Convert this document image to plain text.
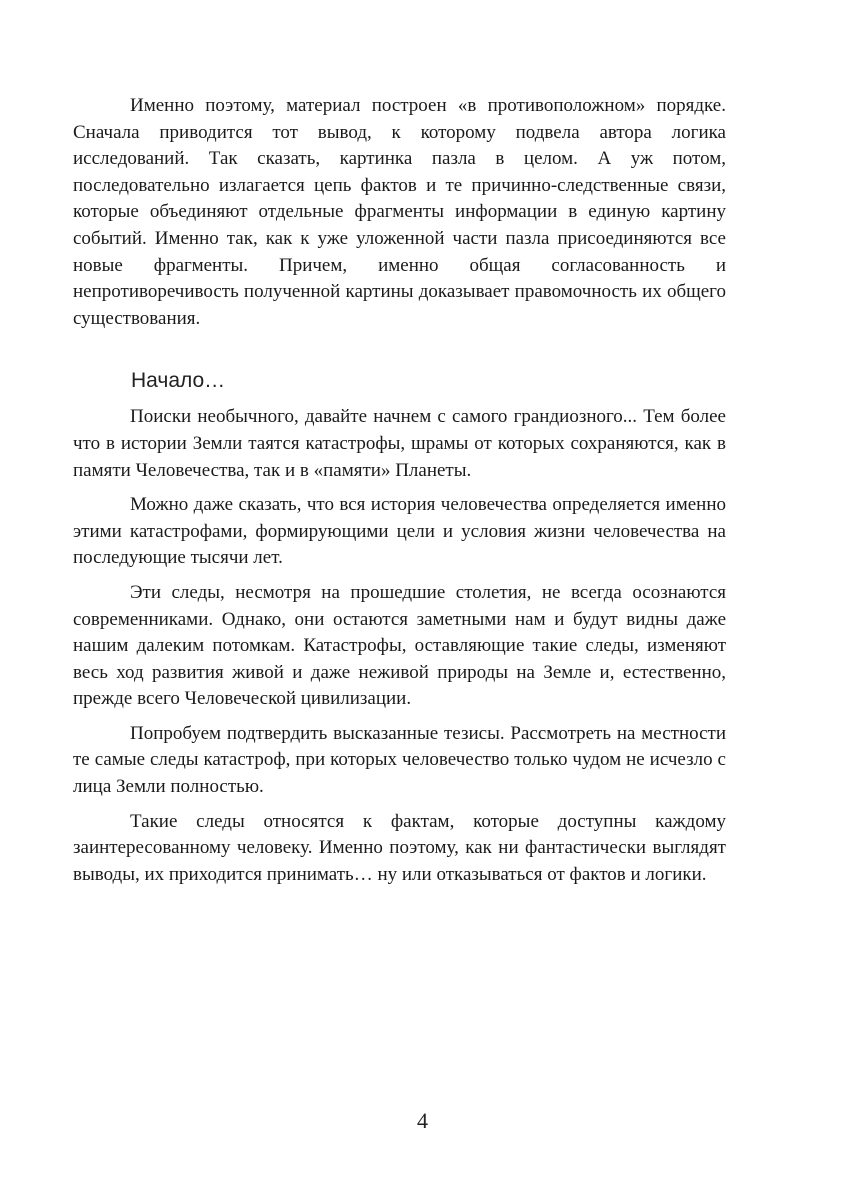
Именно поэтому, материал построен «в противоположном» порядке. Сначала приводится тот вывод, к которому подвела автора логика исследований. Так сказать, картинка пазла в целом. А уж потом, последовательно излагается цепь фактов и те причинно-следственные связи, которые объединяют отдельные фрагменты информации в единую картину событий. Именно так, как к уже уложенной части пазла присоединяются все новые фрагменты. Причем, именно общая согласованность и непротиворечивость полученной картины доказывает правомочность их общего существования.

Начало…

Поиски необычного, давайте начнем с самого грандиозного... Тем более что в истории Земли таятся катастрофы, шрамы от которых сохраняются, как в памяти Человечества, так и в «памяти» Планеты.

Можно даже сказать, что вся история человечества определяется именно этими катастрофами, формирующими цели и условия жизни человечества на последующие тысячи лет.

Эти следы, несмотря на прошедшие столетия, не всегда осознаются современниками. Однако, они остаются заметными нам и будут видны даже нашим далеким потомкам. Катастрофы, оставляющие такие следы, изменяют весь ход развития живой и даже неживой природы на Земле и, естественно, прежде всего Человеческой цивилизации.

Попробуем подтвердить высказанные тезисы. Рассмотреть на местности те самые следы катастроф, при которых человечество только чудом не исчезло с лица Земли полностью.

Такие следы относятся к фактам, которые доступны каждому заинтересованному человеку. Именно поэтому, как ни фантастически выглядят выводы, их приходится принимать… ну или отказываться от фактов и логики.

4
